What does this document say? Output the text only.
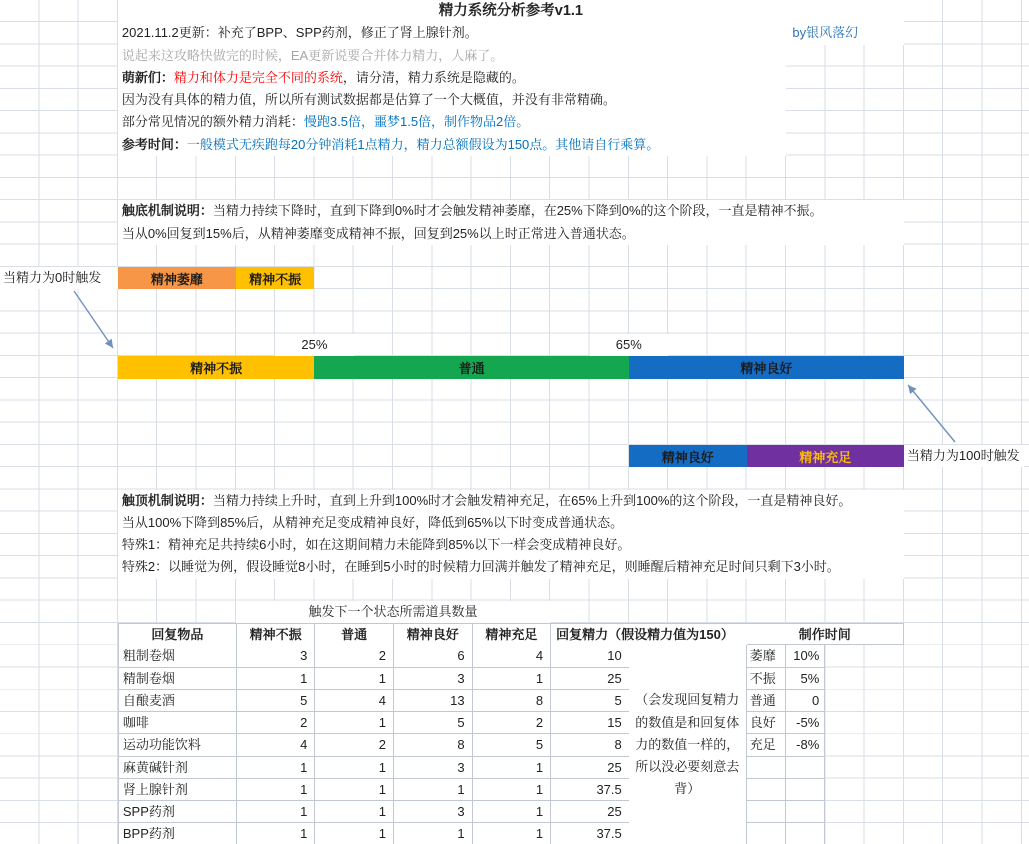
精力系统分析参考v1.1
2021.11.2更新：补充了BPP、SPP药剂，修正了肾上腺针剂。	by银风落幻
说起来这攻略快做完的时候，EA更新说要合并体力精力，人麻了。
萌新们：精力和体力是完全不同的系统，请分清，精力系统是隐藏的。
因为没有具体的精力值，所以所有测试数据都是估算了一个大概值，并没有非常精确。
部分常见情况的额外精力消耗：慢跑3.5倍，噩梦1.5倍，制作物品2倍。
参考时间：一般模式无疾跑每20分钟消耗1点精力，精力总额假设为150点。其他请自行乘算。
触底机制说明：当精力持续下降时，直到下降到0%时才会触发精神萎靡，在25%下降到0%的这个阶段，一直是精神不振。
当从0%回复到15%后，从精神萎靡变成精神不振，回复到25%以上时正常进入普通状态。
当精力为0时触发	精神萎靡	精神不振
25%	65%
精神不振	普通	精神良好
精神良好	精神充足	当精力为100时触发
触顶机制说明：当精力持续上升时，直到上升到100%时才会触发精神充足，在65%上升到100%的这个阶段，一直是精神良好。
当从100%下降到85%后，从精神充足变成精神良好，降低到65%以下时变成普通状态。
特殊1：精神充足共持续6小时，如在这期间精力未能降到85%以下一样会变成精神良好。
特殊2：以睡觉为例，假设睡觉8小时，在睡到5小时的时候精力回满并触发了精神充足，则睡醒后精神充足时间只剩下3小时。
触发下一个状态所需道具数量
回复物品	精神不振	普通	精神良好	精神充足	回复精力（假设精力值为150）
粗制卷烟	3	2	6	4	10
精制卷烟	1	1	3	1	25
自酿麦酒	5	4	13	8	5
咖啡	2	1	5	2	15
运动功能饮料	4	2	8	5	8
麻黄碱针剂	1	1	3	1	25
肾上腺针剂	1	1	1	1	37.5
SPP药剂	1	1	3	1	25
BPP药剂	1	1	1	1	37.5
（会发现回复精力
的数值是和回复体
力的数值一样的，
所以没必要刻意去
背）
制作时间
萎靡	10%
不振	5%
普通	0
良好	-5%
充足	-8%
